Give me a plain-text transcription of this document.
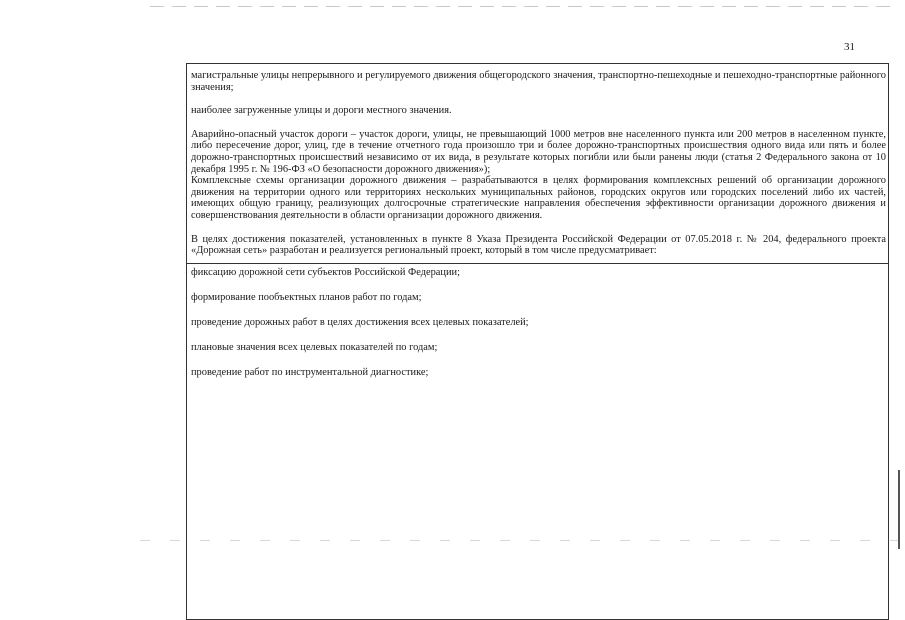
31

магистральные улицы непрерывного и регулируемого движения общегородского значения, транспортно-пешеходные и пешеходно-транспортные районного значения;

наиболее загруженные улицы и дороги местного значения.

Аварийно-опасный участок дороги – участок дороги, улицы, не превышающий 1000 метров вне населенного пункта или 200 метров в населенном пункте, либо пересечение дорог, улиц, где в течение отчетного года произошло три и более дорожно-транспортных происшествия одного вида или пять и более дорожно-транспортных происшествий независимо от их вида, в результате которых погибли или были ранены люди (статья 2 Федерального закона от 10 декабря 1995 г. № 196-ФЗ «О безопасности дорожного движения»);

Комплексные схемы организации дорожного движения – разрабатываются в целях формирования комплексных решений об организации дорожного движения на территории одного или территориях нескольких муниципальных районов, городских округов или городских поселений либо их частей, имеющих общую границу, реализующих долгосрочные стратегические направления обеспечения эффективности организации дорожного движения и совершенствования деятельности в области организации дорожного движения.

В целях достижения показателей, установленных в пункте 8 Указа Президента Российской Федерации от 07.05.2018 г. № 204, федерального проекта «Дорожная сеть» разработан и реализуется региональный проект, который в том числе предусматривает:

фиксацию дорожной сети субъектов Российской Федерации;
формирование пообъектных планов работ по годам;
проведение дорожных работ в целях достижения всех целевых показателей;
плановые значения всех целевых показателей по годам;
проведение работ по инструментальной диагностике;
